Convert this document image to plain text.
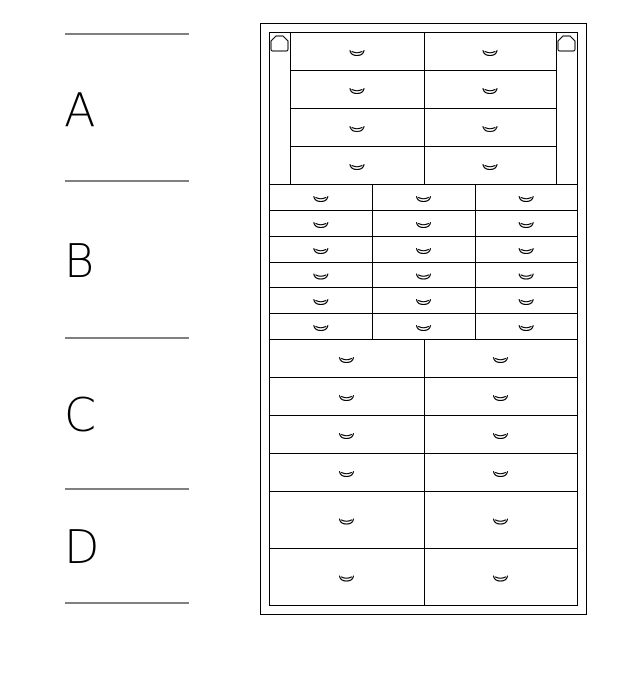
A
B
C
D
